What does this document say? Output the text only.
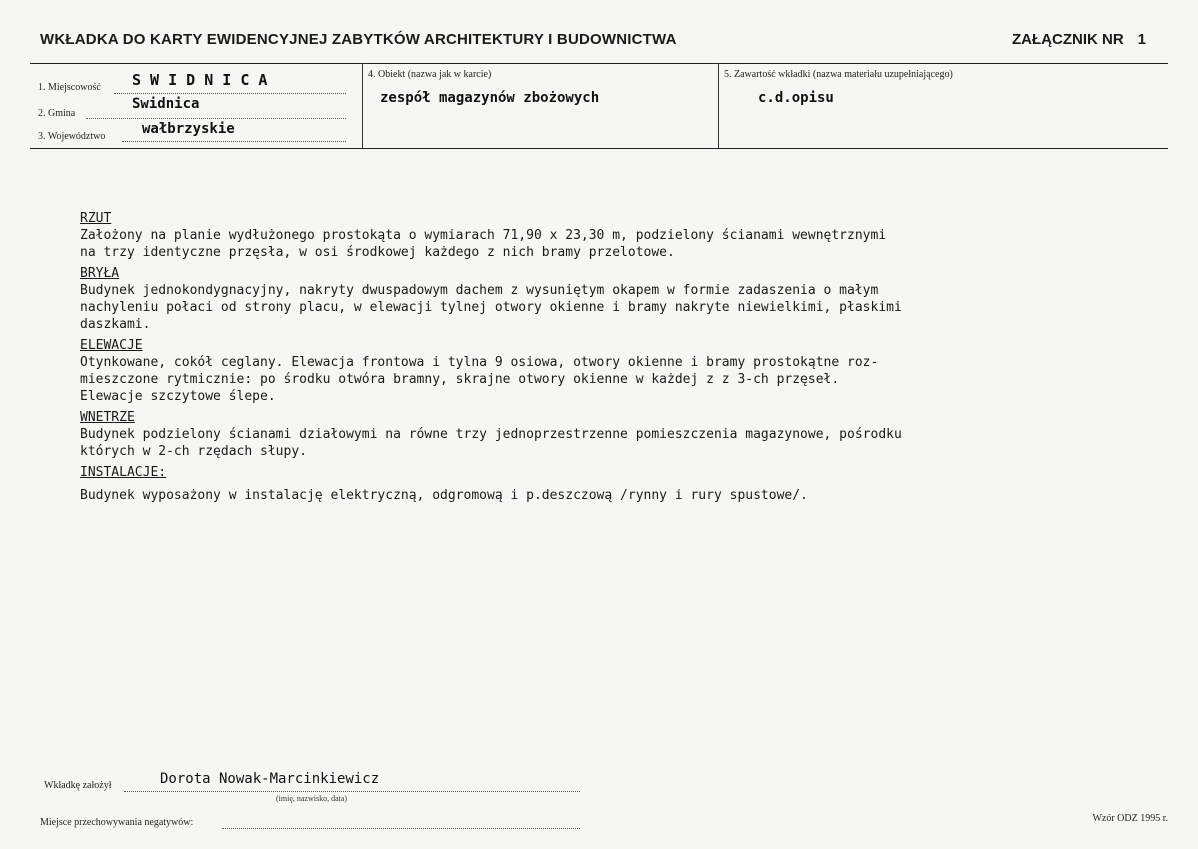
WKŁADKA DO KARTY EWIDENCYJNEJ ZABYTKÓW ARCHITEKTURY I BUDOWNICTWA	ZAŁĄCZNIK NR 1
1. Miejscowość S W I D N I C A
2. Gmina
Swidnica
3. Województwo	wałbrzyskie
4. Obiekt (nazwa jak w karcie)
zespół magazynów zbożowych
5. Zawartość wkładki (nazwa materiału uzupełniającego)
c.d.opisu

RZUT

Założony na planie wydłużonego prostokąta o wymiarach 71,90 x 23,30 m, podzielony ścianami wewnętrznymi
na trzy identyczne przęsła, w osi środkowej każdego z nich bramy przelotowe.

BRYŁA

Budynek jednokondygnacyjny, nakryty dwuspadowym dachem z wysuniętym okapem w formie zadaszenia o małym
nachyleniu połaci od strony placu, w elewacji tylnej otwory okienne i bramy nakryte niewielkimi, płaskimi
daszkami.

ELEWACJE

Otynkowane, cokół ceglany. Elewacja frontowa i tylna 9 osiowa, otwory okienne i bramy prostokątne roz-
mieszczone rytmicznie: po środku otwóra bramny, skrajne otwory okienne w każdej z z 3-ch przęseł.
Elewacje szczytowe ślepe.

WNETRZE

Budynek podzielony ścianami działowymi na równe trzy jednoprzestrzenne pomieszczenia magazynowe, pośrodku
których w 2-ch rzędach słupy.

INSTALACJE:

Budynek wyposażony w instalację elektryczną, odgromową i p.deszczową /rynny i rury spustowe/.

Wkładkę założył	Dorota Nowak-Marcinkiewicz
(imię, nazwisko, data)
Miejsce przechowywania negatywów:	Wzór ODZ 1995 r.
